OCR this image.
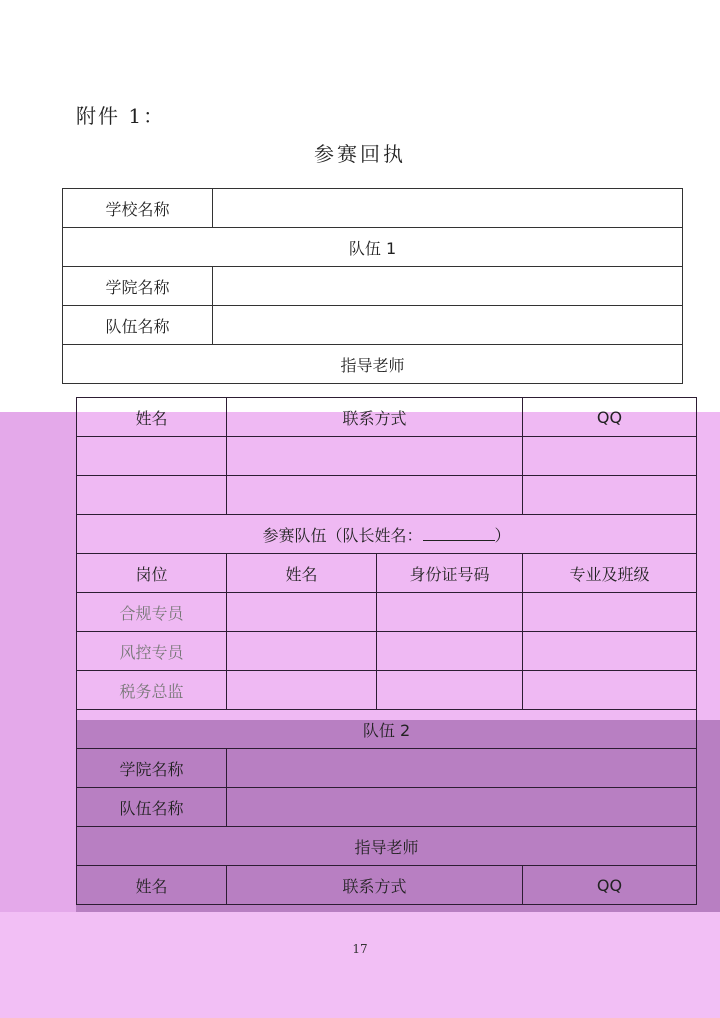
附件 1：
参赛回执
学校名称	
队伍 1	
学院名称	
队伍名称	
指导老师	
姓名	联系方式		QQ

参赛队伍（队长姓名： ）			
岗位	姓名	身份证号码	专业及班级
合规专员			
风控专员			
税务总监			
队伍 2			
学院名称			
队伍名称			
指导老师			
姓名	联系方式		QQ
17
